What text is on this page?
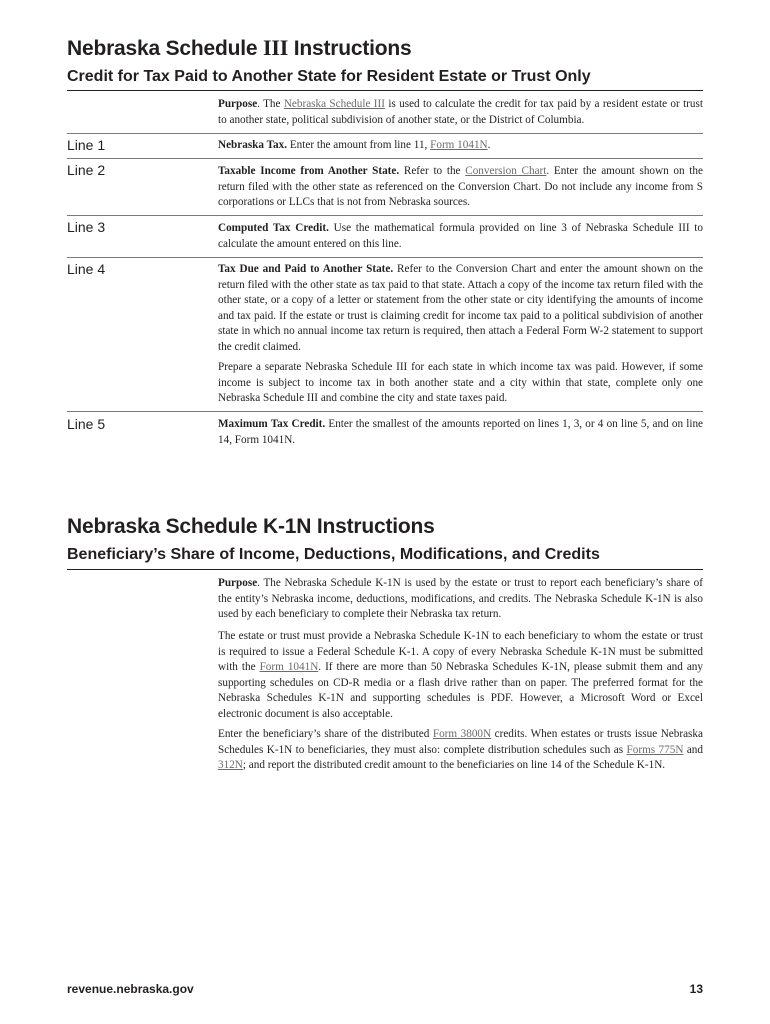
Nebraska Schedule III Instructions
Credit for Tax Paid to Another State for Resident Estate or Trust Only

Purpose. The Nebraska Schedule III is used to calculate the credit for tax paid by a resident estate or trust to another state, political subdivision of another state, or the District of Columbia.

Line 1	Nebraska Tax. Enter the amount from line 11, Form 1041N.

Line 2	Taxable Income from Another State. Refer to the Conversion Chart. Enter the amount shown on the return filed with the other state as referenced on the Conversion Chart. Do not include any income from S corporations or LLCs that is not from Nebraska sources.

Line 3	Computed Tax Credit. Use the mathematical formula provided on line 3 of Nebraska Schedule III to calculate the amount entered on this line.

Line 4	Tax Due and Paid to Another State. Refer to the Conversion Chart and enter the amount shown on the return filed with the other state as tax paid to that state. Attach a copy of the income tax return filed with the other state, or a copy of a letter or statement from the other state or city identifying the amounts of income and tax paid. If the estate or trust is claiming credit for income tax paid to a political subdivision of another state in which no annual income tax return is required, then attach a Federal Form W-2 statement to support the credit claimed.

Prepare a separate Nebraska Schedule III for each state in which income tax was paid. However, if some income is subject to income tax in both another state and a city within that state, complete only one Nebraska Schedule III and combine the city and state taxes paid.

Line 5	Maximum Tax Credit. Enter the smallest of the amounts reported on lines 1, 3, or 4 on line 5, and on line 14, Form 1041N.

Nebraska Schedule K-1N Instructions
Beneficiary’s Share of Income, Deductions, Modifications, and Credits

Purpose. The Nebraska Schedule K-1N is used by the estate or trust to report each beneficiary’s share of the entity’s Nebraska income, deductions, modifications, and credits. The Nebraska Schedule K-1N is also used by each beneficiary to complete their Nebraska tax return.

The estate or trust must provide a Nebraska Schedule K-1N to each beneficiary to whom the estate or trust is required to issue a Federal Schedule K-1. A copy of every Nebraska Schedule K-1N must be submitted with the Form 1041N. If there are more than 50 Nebraska Schedules K-1N, please submit them and any supporting schedules on CD-R media or a flash drive rather than on paper. The preferred format for the Nebraska Schedules K-1N and supporting schedules is PDF. However, a Microsoft Word or Excel electronic document is also acceptable.

Enter the beneficiary’s share of the distributed Form 3800N credits. When estates or trusts issue Nebraska Schedules K-1N to beneficiaries, they must also: complete distribution schedules such as Forms 775N and 312N; and report the distributed credit amount to the beneficiaries on line 14 of the Schedule K-1N.

revenue.nebraska.gov	13
